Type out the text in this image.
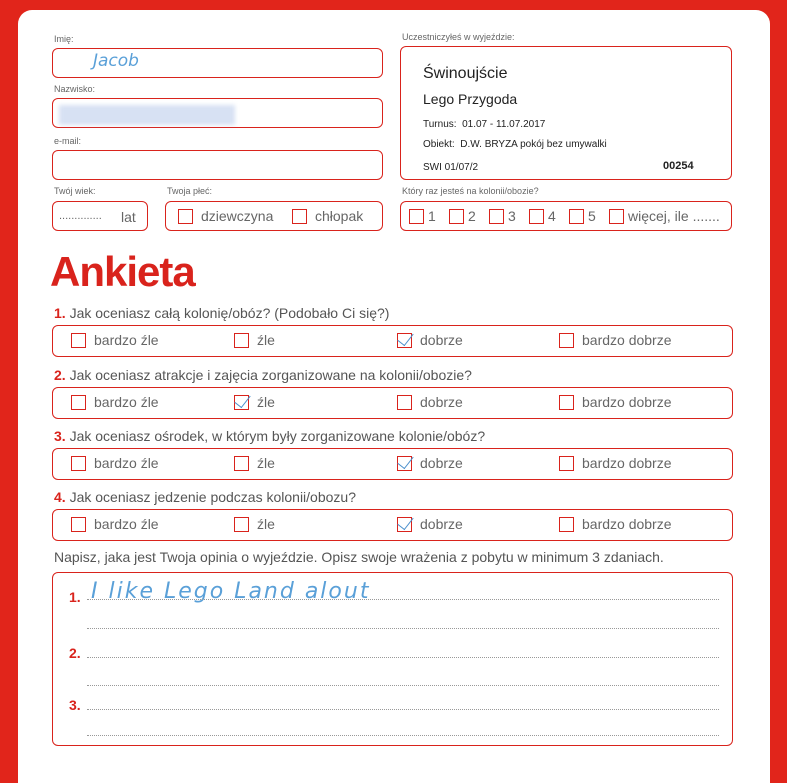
Imię:
Jacob
Nazwisko:
e-mail:
Twój wiek:
.............. lat
Twoja płeć:
dziewczyna	chłopak
Uczestniczyłeś w wyjeździe:
Świnoujście
Lego Przygoda
Turnus: 01.07 - 11.07.2017
Obiekt: D.W. BRYZA pokój bez umywalki
SWI 01/07/2	00254
Który raz jesteś na kolonii/obozie?
1 2 3 4 5 więcej, ile .......
Ankieta
1. Jak oceniasz całą kolonię/obóz? (Podobało Ci się?)
bardzo źle	źle	dobrze	bardzo dobrze
2. Jak oceniasz atrakcje i zajęcia zorganizowane na kolonii/obozie?
bardzo źle	źle	dobrze	bardzo dobrze
3. Jak oceniasz ośrodek, w którym były zorganizowane kolonie/obóz?
bardzo źle	źle	dobrze	bardzo dobrze
4. Jak oceniasz jedzenie podczas kolonii/obozu?
bardzo źle	źle	dobrze	bardzo dobrze
Napisz, jaka jest Twoja opinia o wyjeździe. Opisz swoje wrażenia z pobytu w minimum 3 zdaniach.
1. I like Lego Land alout
2.
3.
